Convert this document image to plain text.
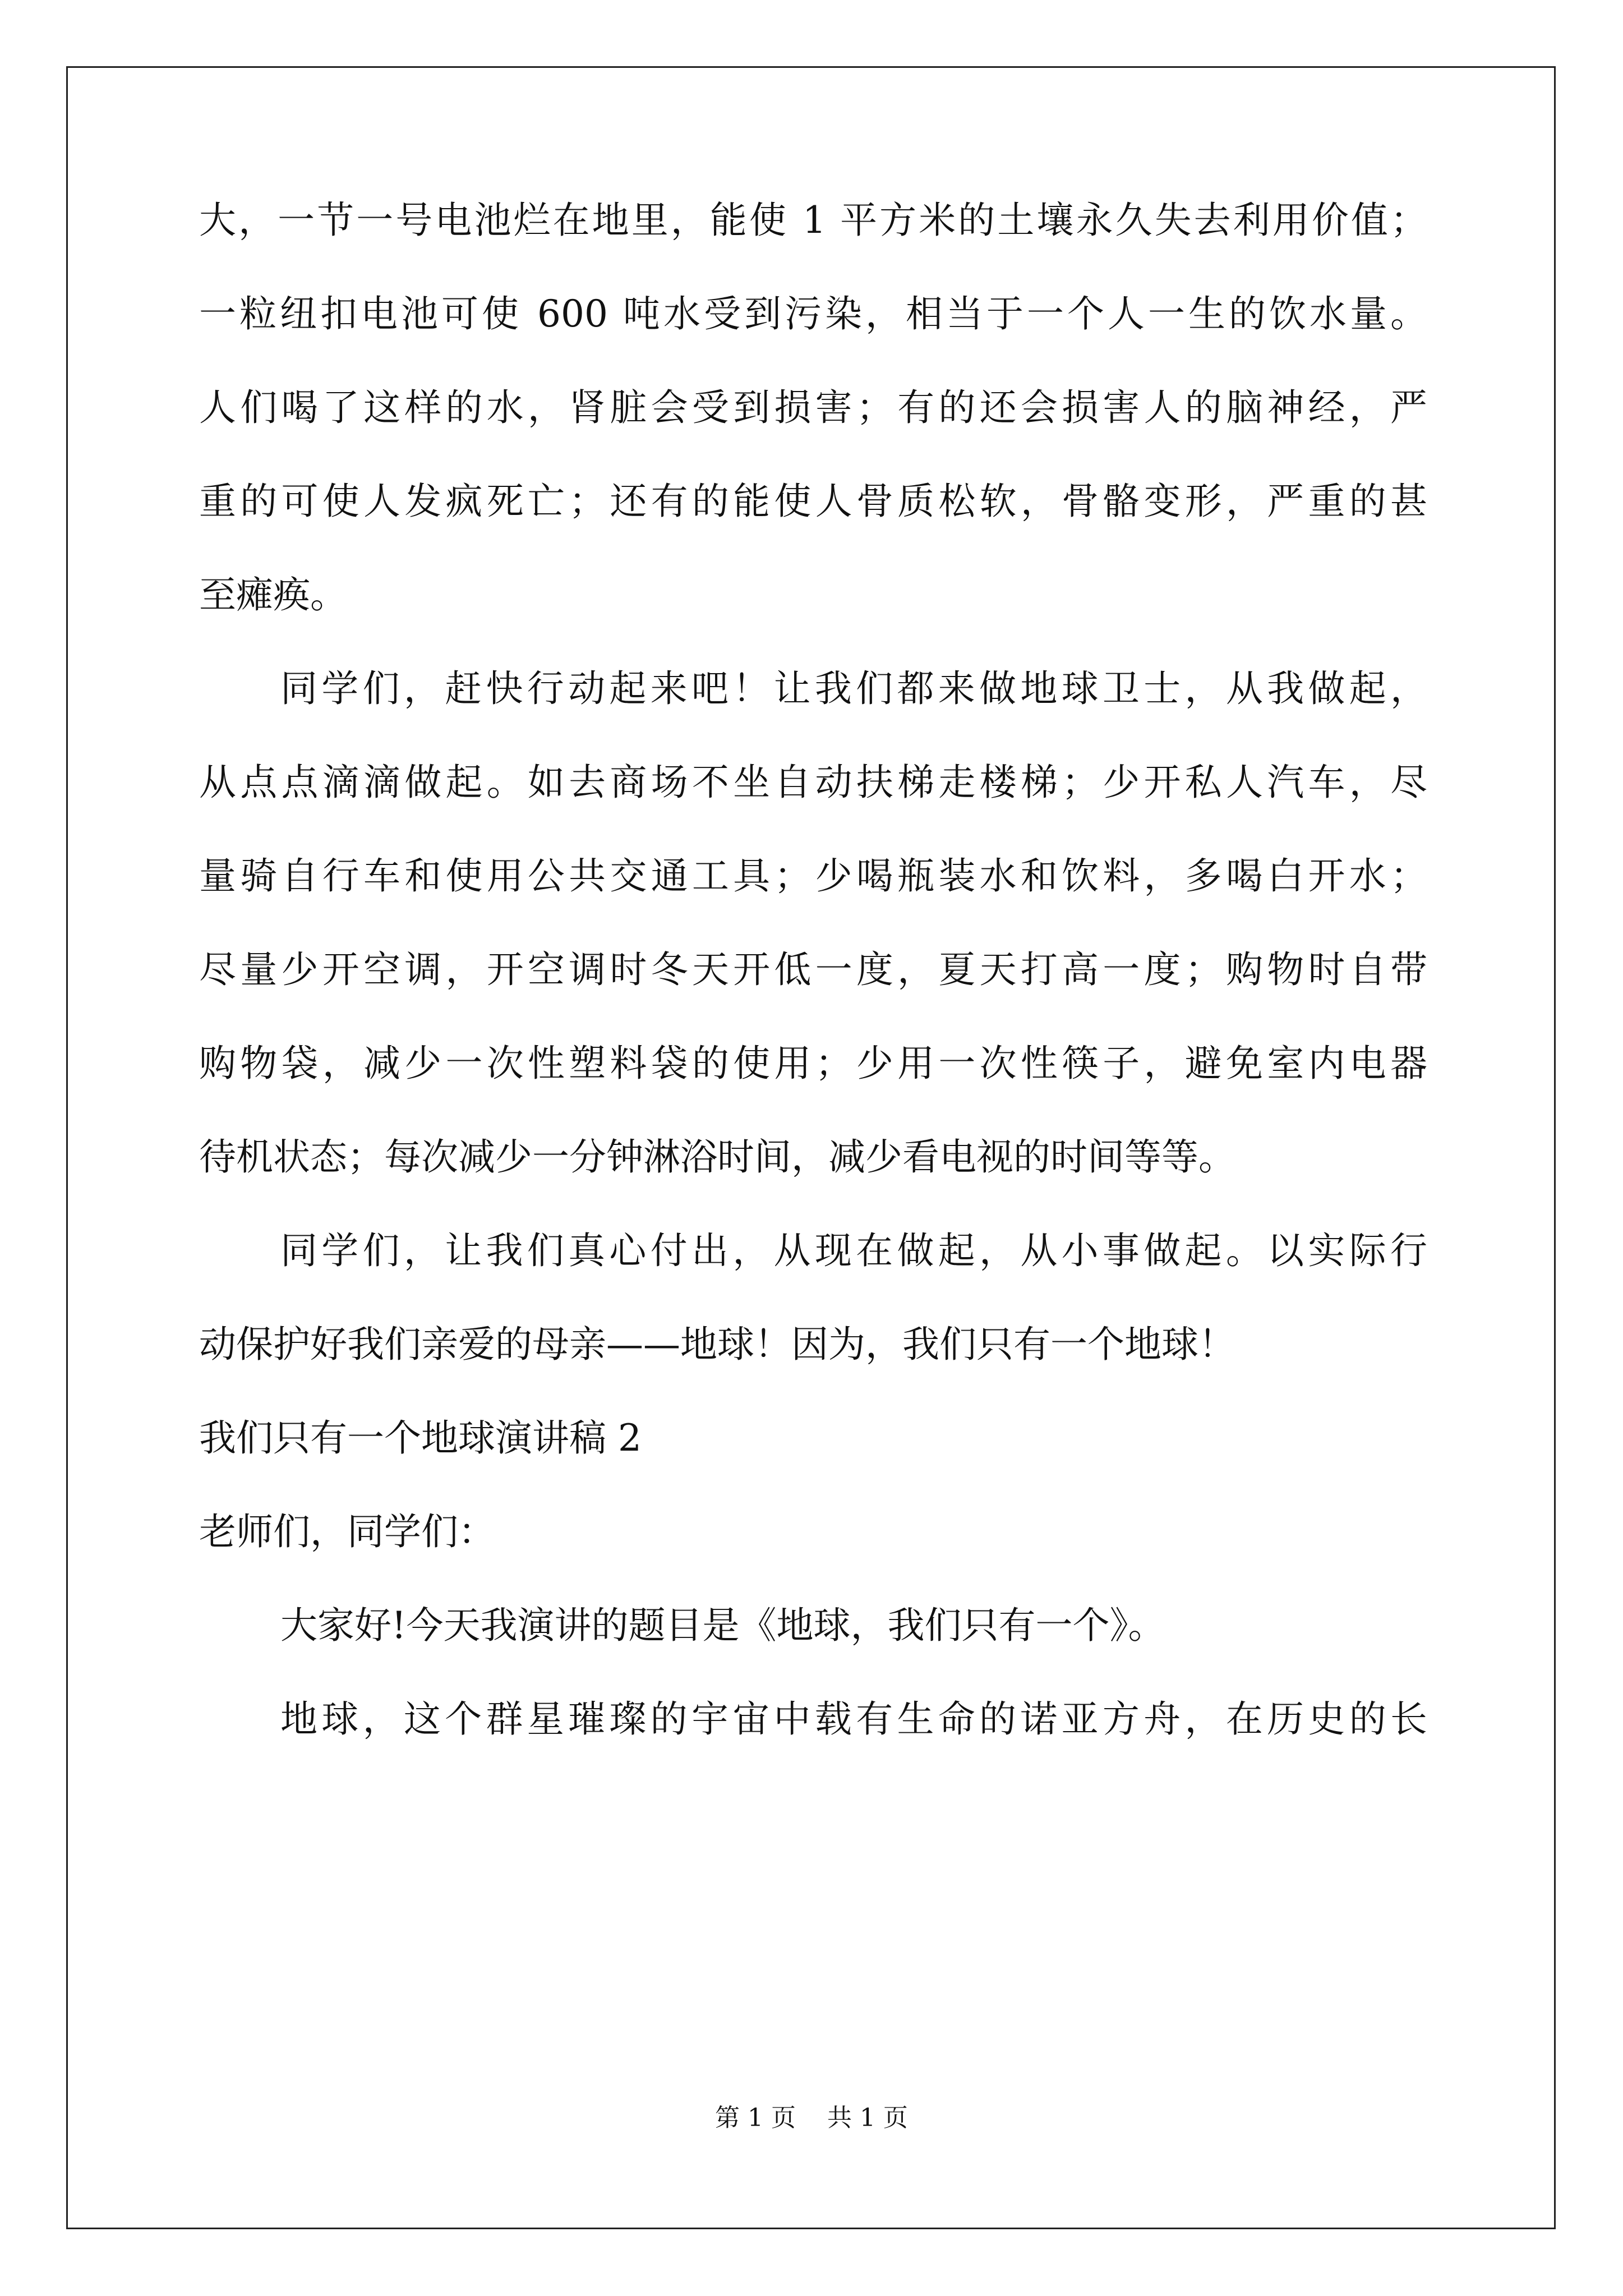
大，一节一号电池烂在地里，能使 1 平方米的土壤永久失去利用价值；
一粒纽扣电池可使 600 吨水受到污染，相当于一个人一生的饮水量。
人们喝了这样的水，肾脏会受到损害；有的还会损害人的脑神经，严
重的可使人发疯死亡；还有的能使人骨质松软，骨骼变形，严重的甚
至瘫痪。
同学们，赶快行动起来吧！让我们都来做地球卫士，从我做起，
从点点滴滴做起。如去商场不坐自动扶梯走楼梯；少开私人汽车，尽
量骑自行车和使用公共交通工具；少喝瓶装水和饮料，多喝白开水；
尽量少开空调，开空调时冬天开低一度，夏天打高一度；购物时自带
购物袋，减少一次性塑料袋的使用；少用一次性筷子，避免室内电器
待机状态；每次减少一分钟淋浴时间，减少看电视的时间等等。
同学们，让我们真心付出，从现在做起，从小事做起。以实际行
动保护好我们亲爱的母亲——地球！因为，我们只有一个地球！
我们只有一个地球演讲稿 2
老师们，同学们：
大家好!今天我演讲的题目是《地球，我们只有一个》。
地球，这个群星璀璨的宇宙中载有生命的诺亚方舟，在历史的长
第 1 页 共 1 页
